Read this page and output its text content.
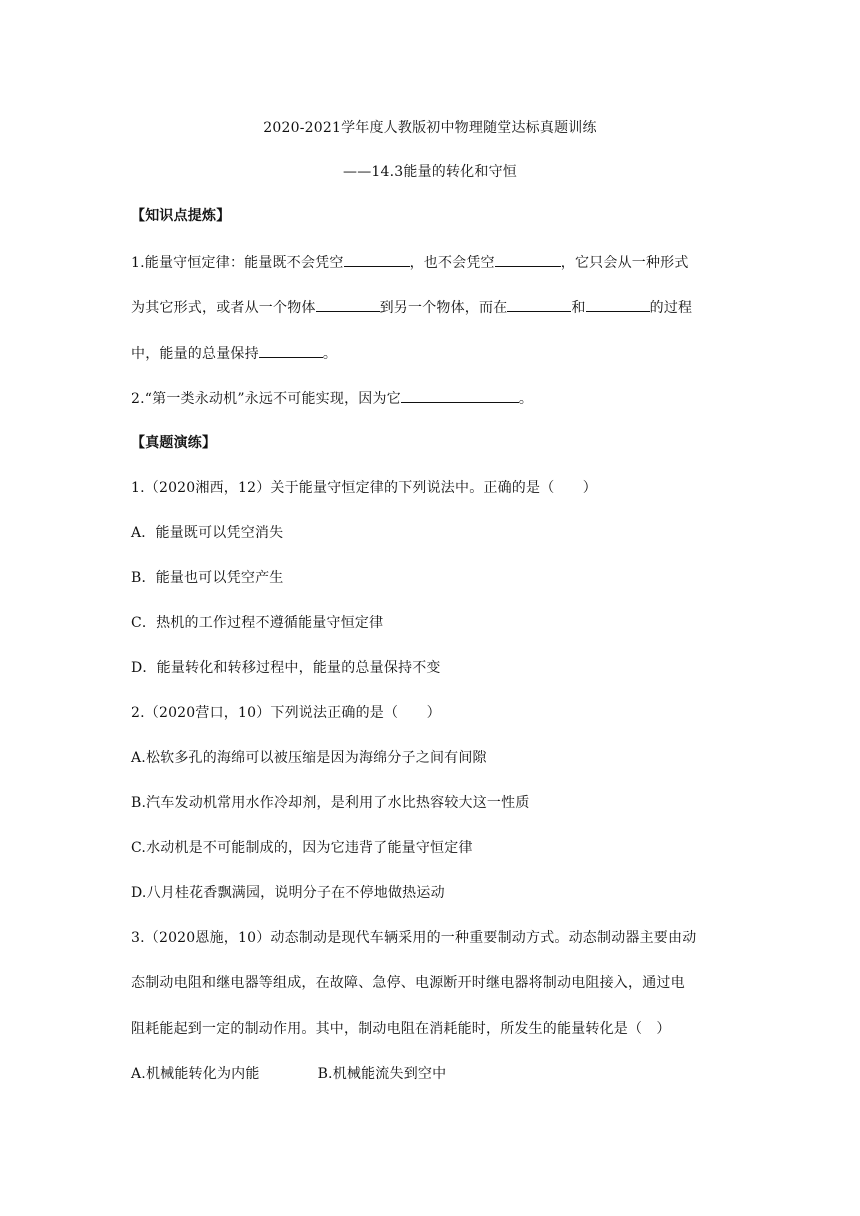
2020-2021学年度人教版初中物理随堂达标真题训练
——14.3能量的转化和守恒
【知识点提炼】
1.能量守恒定律：能量既不会凭空	，也不会凭空	，它只会从一种形式
为其它形式，或者从一个物体	到另一个物体，而在	和	的过程
中，能量的总量保持	。
2.“第一类永动机”永远不可能实现，因为它	。
【真题演练】
1.（2020湘西，12）关于能量守恒定律的下列说法中。正确的是（　　）
A．能量既可以凭空消失
B．能量也可以凭空产生
C．热机的工作过程不遵循能量守恒定律
D．能量转化和转移过程中，能量的总量保持不变
2.（2020营口，10）下列说法正确的是（　　）
A.松软多孔的海绵可以被压缩是因为海绵分子之间有间隙
B.汽车发动机常用水作冷却剂，是利用了水比热容较大这一性质
C.水动机是不可能制成的，因为它违背了能量守恒定律
D.八月桂花香飘满园，说明分子在不停地做热运动
3.（2020恩施，10）动态制动是现代车辆采用的一种重要制动方式。动态制动器主要由动
态制动电阻和继电器等组成，在故障、急停、电源断开时继电器将制动电阻接入，通过电
阻耗能起到一定的制动作用。其中，制动电阻在消耗能时，所发生的能量转化是（　）
A.机械能转化为内能	B.机械能流失到空中
